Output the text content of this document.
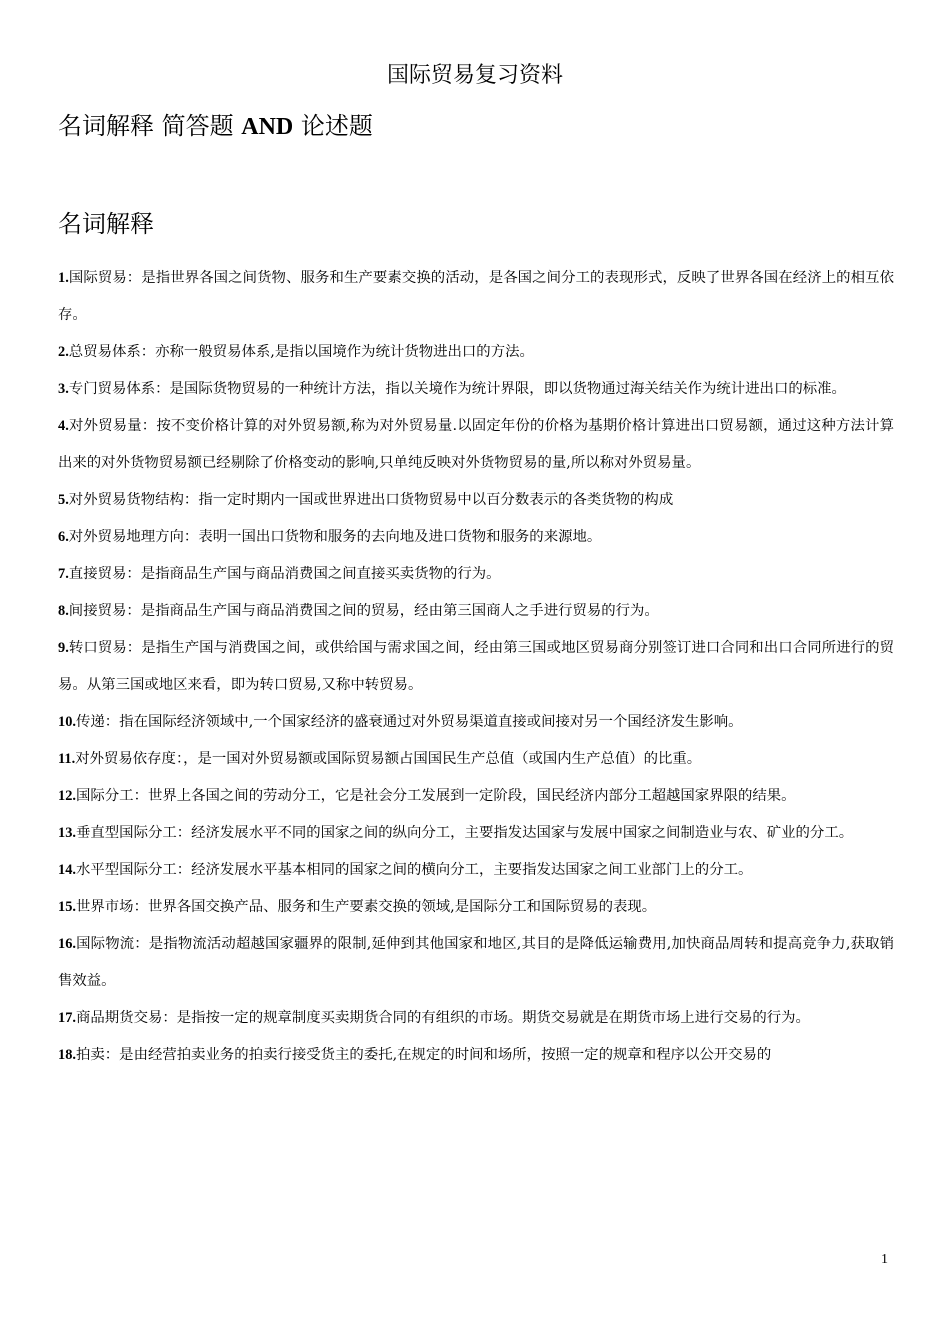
国际贸易复习资料
名词解释 简答题 AND 论述题
名词解释
1.国际贸易：是指世界各国之间货物、服务和生产要素交换的活动，是各国之间分工的表现形式，反映了世界各国在经济上的相互依存。
2.总贸易体系：亦称一般贸易体系,是指以国境作为统计货物进出口的方法。
3.专门贸易体系：是国际货物贸易的一种统计方法，指以关境作为统计界限，即以货物通过海关结关作为统计进出口的标准。
4.对外贸易量：按不变价格计算的对外贸易额,称为对外贸易量.以固定年份的价格为基期价格计算进出口贸易额，通过这种方法计算出来的对外货物贸易额已经剔除了价格变动的影响,只单纯反映对外货物贸易的量,所以称对外贸易量。
5.对外贸易货物结构：指一定时期内一国或世界进出口货物贸易中以百分数表示的各类货物的构成
6.对外贸易地理方向：表明一国出口货物和服务的去向地及进口货物和服务的来源地。
7.直接贸易：是指商品生产国与商品消费国之间直接买卖货物的行为。
8.间接贸易：是指商品生产国与商品消费国之间的贸易，经由第三国商人之手进行贸易的行为。
9.转口贸易：是指生产国与消费国之间，或供给国与需求国之间，经由第三国或地区贸易商分别签订进口合同和出口合同所进行的贸易。从第三国或地区来看，即为转口贸易,又称中转贸易。
10.传递：指在国际经济领域中,一个国家经济的盛衰通过对外贸易渠道直接或间接对另一个国经济发生影响。
11.对外贸易依存度：，是一国对外贸易额或国际贸易额占国国民生产总值（或国内生产总值）的比重。
12.国际分工：世界上各国之间的劳动分工，它是社会分工发展到一定阶段，国民经济内部分工超越国家界限的结果。
13.垂直型国际分工：经济发展水平不同的国家之间的纵向分工，主要指发达国家与发展中国家之间制造业与农、矿业的分工。
14.水平型国际分工：经济发展水平基本相同的国家之间的横向分工，主要指发达国家之间工业部门上的分工。
15.世界市场：世界各国交换产品、服务和生产要素交换的领域,是国际分工和国际贸易的表现。
16.国际物流：是指物流活动超越国家疆界的限制,延伸到其他国家和地区,其目的是降低运输费用,加快商品周转和提高竞争力,获取销售效益。
17.商品期货交易：是指按一定的规章制度买卖期货合同的有组织的市场。期货交易就是在期货市场上进行交易的行为。
18.拍卖：是由经营拍卖业务的拍卖行接受货主的委托,在规定的时间和场所，按照一定的规章和程序以公开交易的
1
